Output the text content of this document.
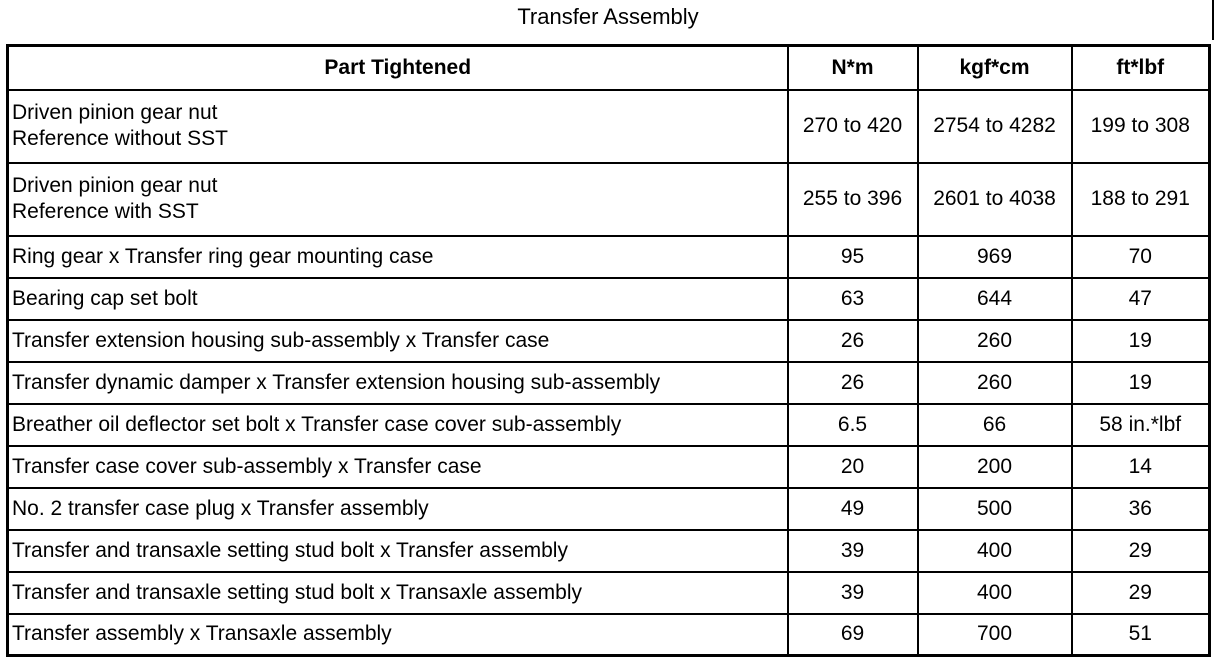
Transfer Assembly
Part Tightened	N*m	kgf*cm	ft*lbf

Driven pinion gear nut
Reference without SST	270 to 420	2754 to 4282	199 to 308

Driven pinion gear nut
Reference with SST	255 to 396	2601 to 4038	188 to 291

Ring gear x Transfer ring gear mounting case	95	969	70

Bearing cap set bolt	63	644	47

Transfer extension housing sub-assembly x Transfer case	26	260	19

Transfer dynamic damper x Transfer extension housing sub-assembly	26	260	19

Breather oil deflector set bolt x Transfer case cover sub-assembly	6.5	66	58 in.*lbf

Transfer case cover sub-assembly x Transfer case	20	200	14

No. 2 transfer case plug x Transfer assembly	49	500	36

Transfer and transaxle setting stud bolt x Transfer assembly	39	400	29

Transfer and transaxle setting stud bolt x Transaxle assembly	39	400	29

Transfer assembly x Transaxle assembly	69	700	51
